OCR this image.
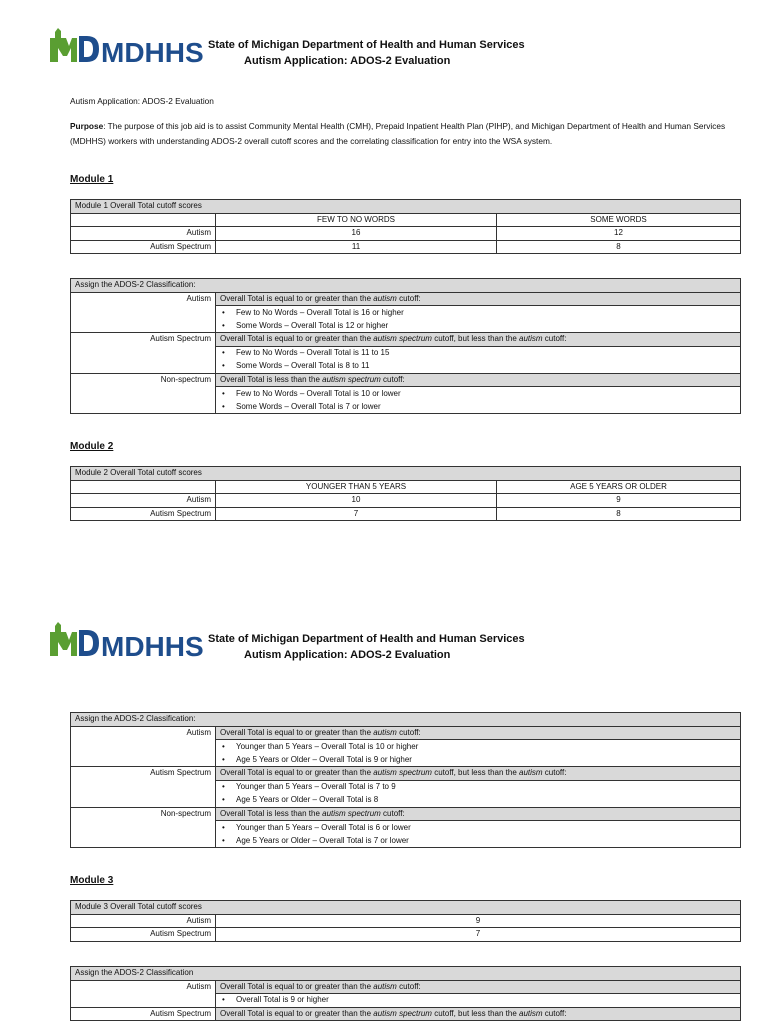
MDHHS State of Michigan Department of Health and Human Services
Autism Application: ADOS-2 Evaluation
Autism Application: ADOS-2 Evaluation
Purpose: The purpose of this job aid is to assist Community Mental Health (CMH), Prepaid Inpatient Health Plan (PIHP), and Michigan Department of Health and Human Services (MDHHS) workers with understanding ADOS-2 overall cutoff scores and the correlating classification for entry into the WSA system.
Module 1
Module 1 Overall Total cutoff scores		
	FEW TO NO WORDS	SOME WORDS
Autism	16	12
Autism Spectrum	11	8
Assign the ADOS-2 Classification:	
Autism	Overall Total is equal to or greater than the autism cutoff:
	• Few to No Words – Overall Total is 16 or higher
	• Some Words – Overall Total is 12 or higher
Autism Spectrum	Overall Total is equal to or greater than the autism spectrum cutoff, but less than the autism cutoff:
	• Few to No Words – Overall Total is 11 to 15
	• Some Words – Overall Total is 8 to 11
Non-spectrum	Overall Total is less than the autism spectrum cutoff:
	• Few to No Words – Overall Total is 10 or lower
	• Some Words – Overall Total is 7 or lower
Module 2
Module 2 Overall Total cutoff scores		
	YOUNGER THAN 5 YEARS	AGE 5 YEARS OR OLDER
Autism	10	9
Autism Spectrum	7	8
MDHHS State of Michigan Department of Health and Human Services
Autism Application: ADOS-2 Evaluation
Assign the ADOS-2 Classification:	
Autism	Overall Total is equal to or greater than the autism cutoff:
	• Younger than 5 Years – Overall Total is 10 or higher
	• Age 5 Years or Older – Overall Total is 9 or higher
Autism Spectrum	Overall Total is equal to or greater than the autism spectrum cutoff, but less than the autism cutoff:
	• Younger than 5 Years – Overall Total is 7 to 9
	• Age 5 Years or Older – Overall Total is 8
Non-spectrum	Overall Total is less than the autism spectrum cutoff:
	• Younger than 5 Years – Overall Total is 6 or lower
	• Age 5 Years or Older – Overall Total is 7 or lower
Module 3
Module 3 Overall Total cutoff scores	
Autism	9
Autism Spectrum	7
Assign the ADOS-2 Classification	
Autism	Overall Total is equal to or greater than the autism cutoff:
	• Overall Total is 9 or higher
Autism Spectrum	Overall Total is equal to or greater than the autism spectrum cutoff, but less than the autism cutoff:
